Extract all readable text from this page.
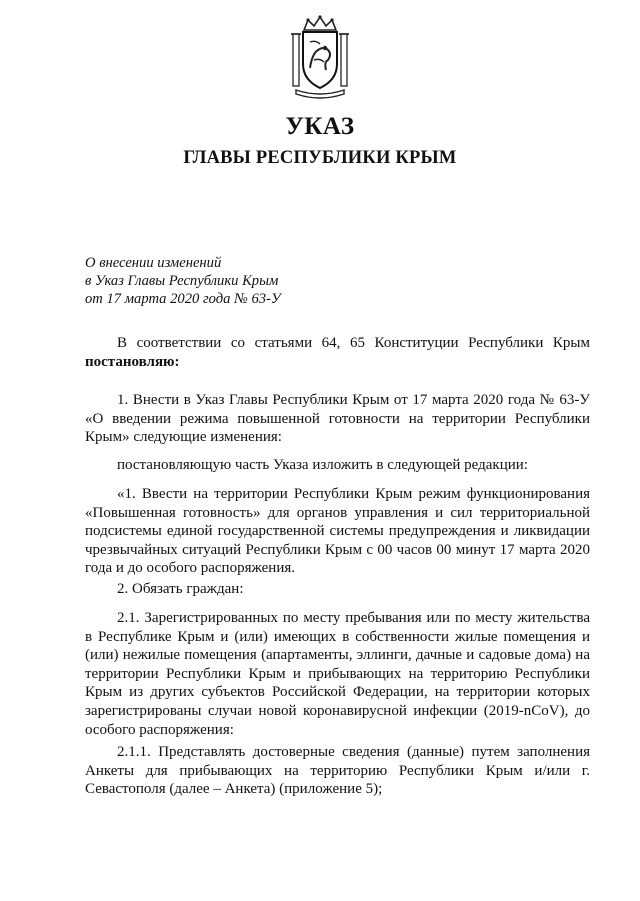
УКАЗ
ГЛАВЫ РЕСПУБЛИКИ КРЫМ
О внесении изменений
в Указ Главы Республики Крым
от 17 марта 2020 года № 63-У

В соответствии со статьями 64, 65 Конституции Республики Крым постановляю:

1. Внести в Указ Главы Республики Крым от 17 марта 2020 года № 63-У «О введении режима повышенной готовности на территории Республики Крым» следующие изменения:

постановляющую часть Указа изложить в следующей редакции:

«1. Ввести на территории Республики Крым режим функционирования «Повышенная готовность» для органов управления и сил территориальной подсистемы единой государственной системы предупреждения и ликвидации чрезвычайных ситуаций Республики Крым с 00 часов 00 минут 17 марта 2020 года и до особого распоряжения.

2. Обязать граждан:

2.1. Зарегистрированных по месту пребывания или по месту жительства в Республике Крым и (или) имеющих в собственности жилые помещения и (или) нежилые помещения (апартаменты, эллинги, дачные и садовые дома) на территории Республики Крым и прибывающих на территорию Республики Крым из других субъектов Российской Федерации, на территории которых зарегистрированы случаи новой коронавирусной инфекции (2019-nCoV), до особого распоряжения:

2.1.1. Представлять достоверные сведения (данные) путем заполнения Анкеты для прибывающих на территорию Республики Крым и/или г. Севастополя (далее – Анкета) (приложение 5);
